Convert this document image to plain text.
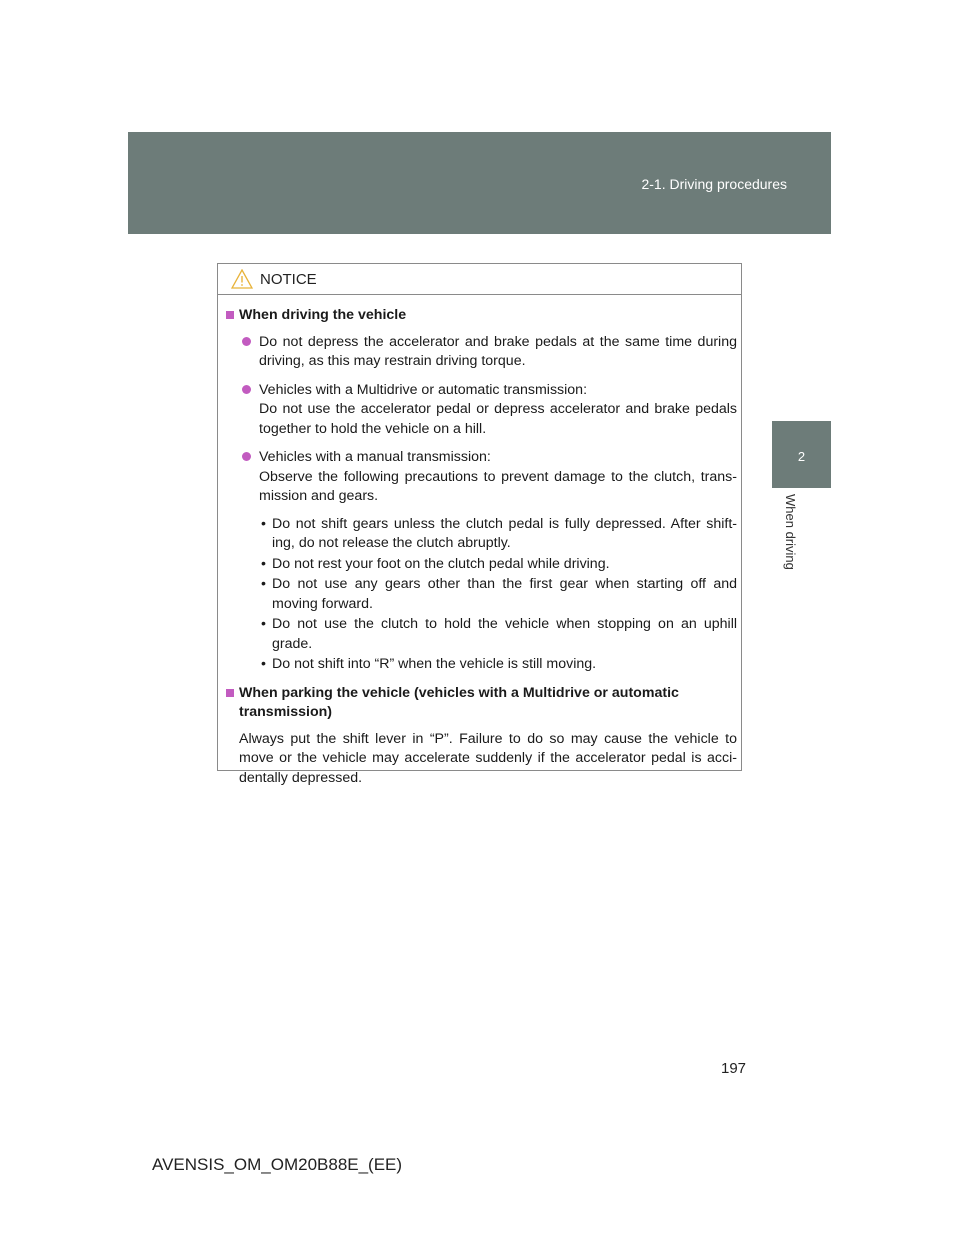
2-1. Driving procedures
2
When driving
NOTICE
When driving the vehicle
Do not depress the accelerator and brake pedals at the same time during driving, as this may restrain driving torque.
Vehicles with a Multidrive or automatic transmission:
Do not use the accelerator pedal or depress accelerator and brake pedals together to hold the vehicle on a hill.
Vehicles with a manual transmission:
Observe the following precautions to prevent damage to the clutch, trans-mission and gears.
• Do not shift gears unless the clutch pedal is fully depressed. After shift-ing, do not release the clutch abruptly.
• Do not rest your foot on the clutch pedal while driving.
• Do not use any gears other than the first gear when starting off and moving forward.
• Do not use the clutch to hold the vehicle when stopping on an uphill grade.
• Do not shift into “R” when the vehicle is still moving.
When parking the vehicle (vehicles with a Multidrive or automatic transmission)
Always put the shift lever in “P”. Failure to do so may cause the vehicle to move or the vehicle may accelerate suddenly if the accelerator pedal is acci-dentally depressed.
197
AVENSIS_OM_OM20B88E_(EE)
